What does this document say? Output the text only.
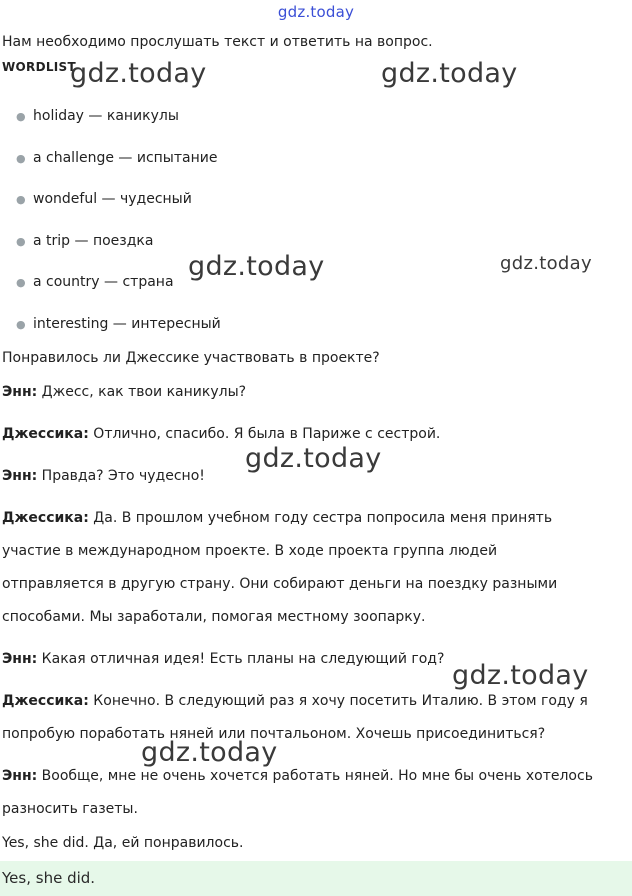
gdz.today
Нам необходимо прослушать текст и ответить на вопрос.
WORDLIST
● holiday — каникулы
● a challenge — испытание
● wondeful — чудесный
● a trip — поездка
● a country — страна
● interesting — интересный
Понравилось ли Джессике участвовать в проекте?
Энн: Джесс, как твои каникулы?
Джессика: Отлично, спасибо. Я была в Париже с сестрой.
Энн: Правда? Это чудесно!
Джессика: Да. В прошлом учебном году сестра попросила меня принять
участие в международном проекте. В ходе проекта группа людей
отправляется в другую страну. Они собирают деньги на поездку разными
способами. Мы заработали, помогая местному зоопарку.
Энн: Какая отличная идея! Есть планы на следующий год?
Джессика: Конечно. В следующий раз я хочу посетить Италию. В этом году я
попробую поработать няней или почтальоном. Хочешь присоединиться?
Энн: Вообще, мне не очень хочется работать няней. Но мне бы очень хотелось
разносить газеты.
Yes, she did. Да, ей понравилось.
Yes, she did.
gdz.today	gdz.today
gdz.today	gdz.today
gdz.today
gdz.today
gdz.today
